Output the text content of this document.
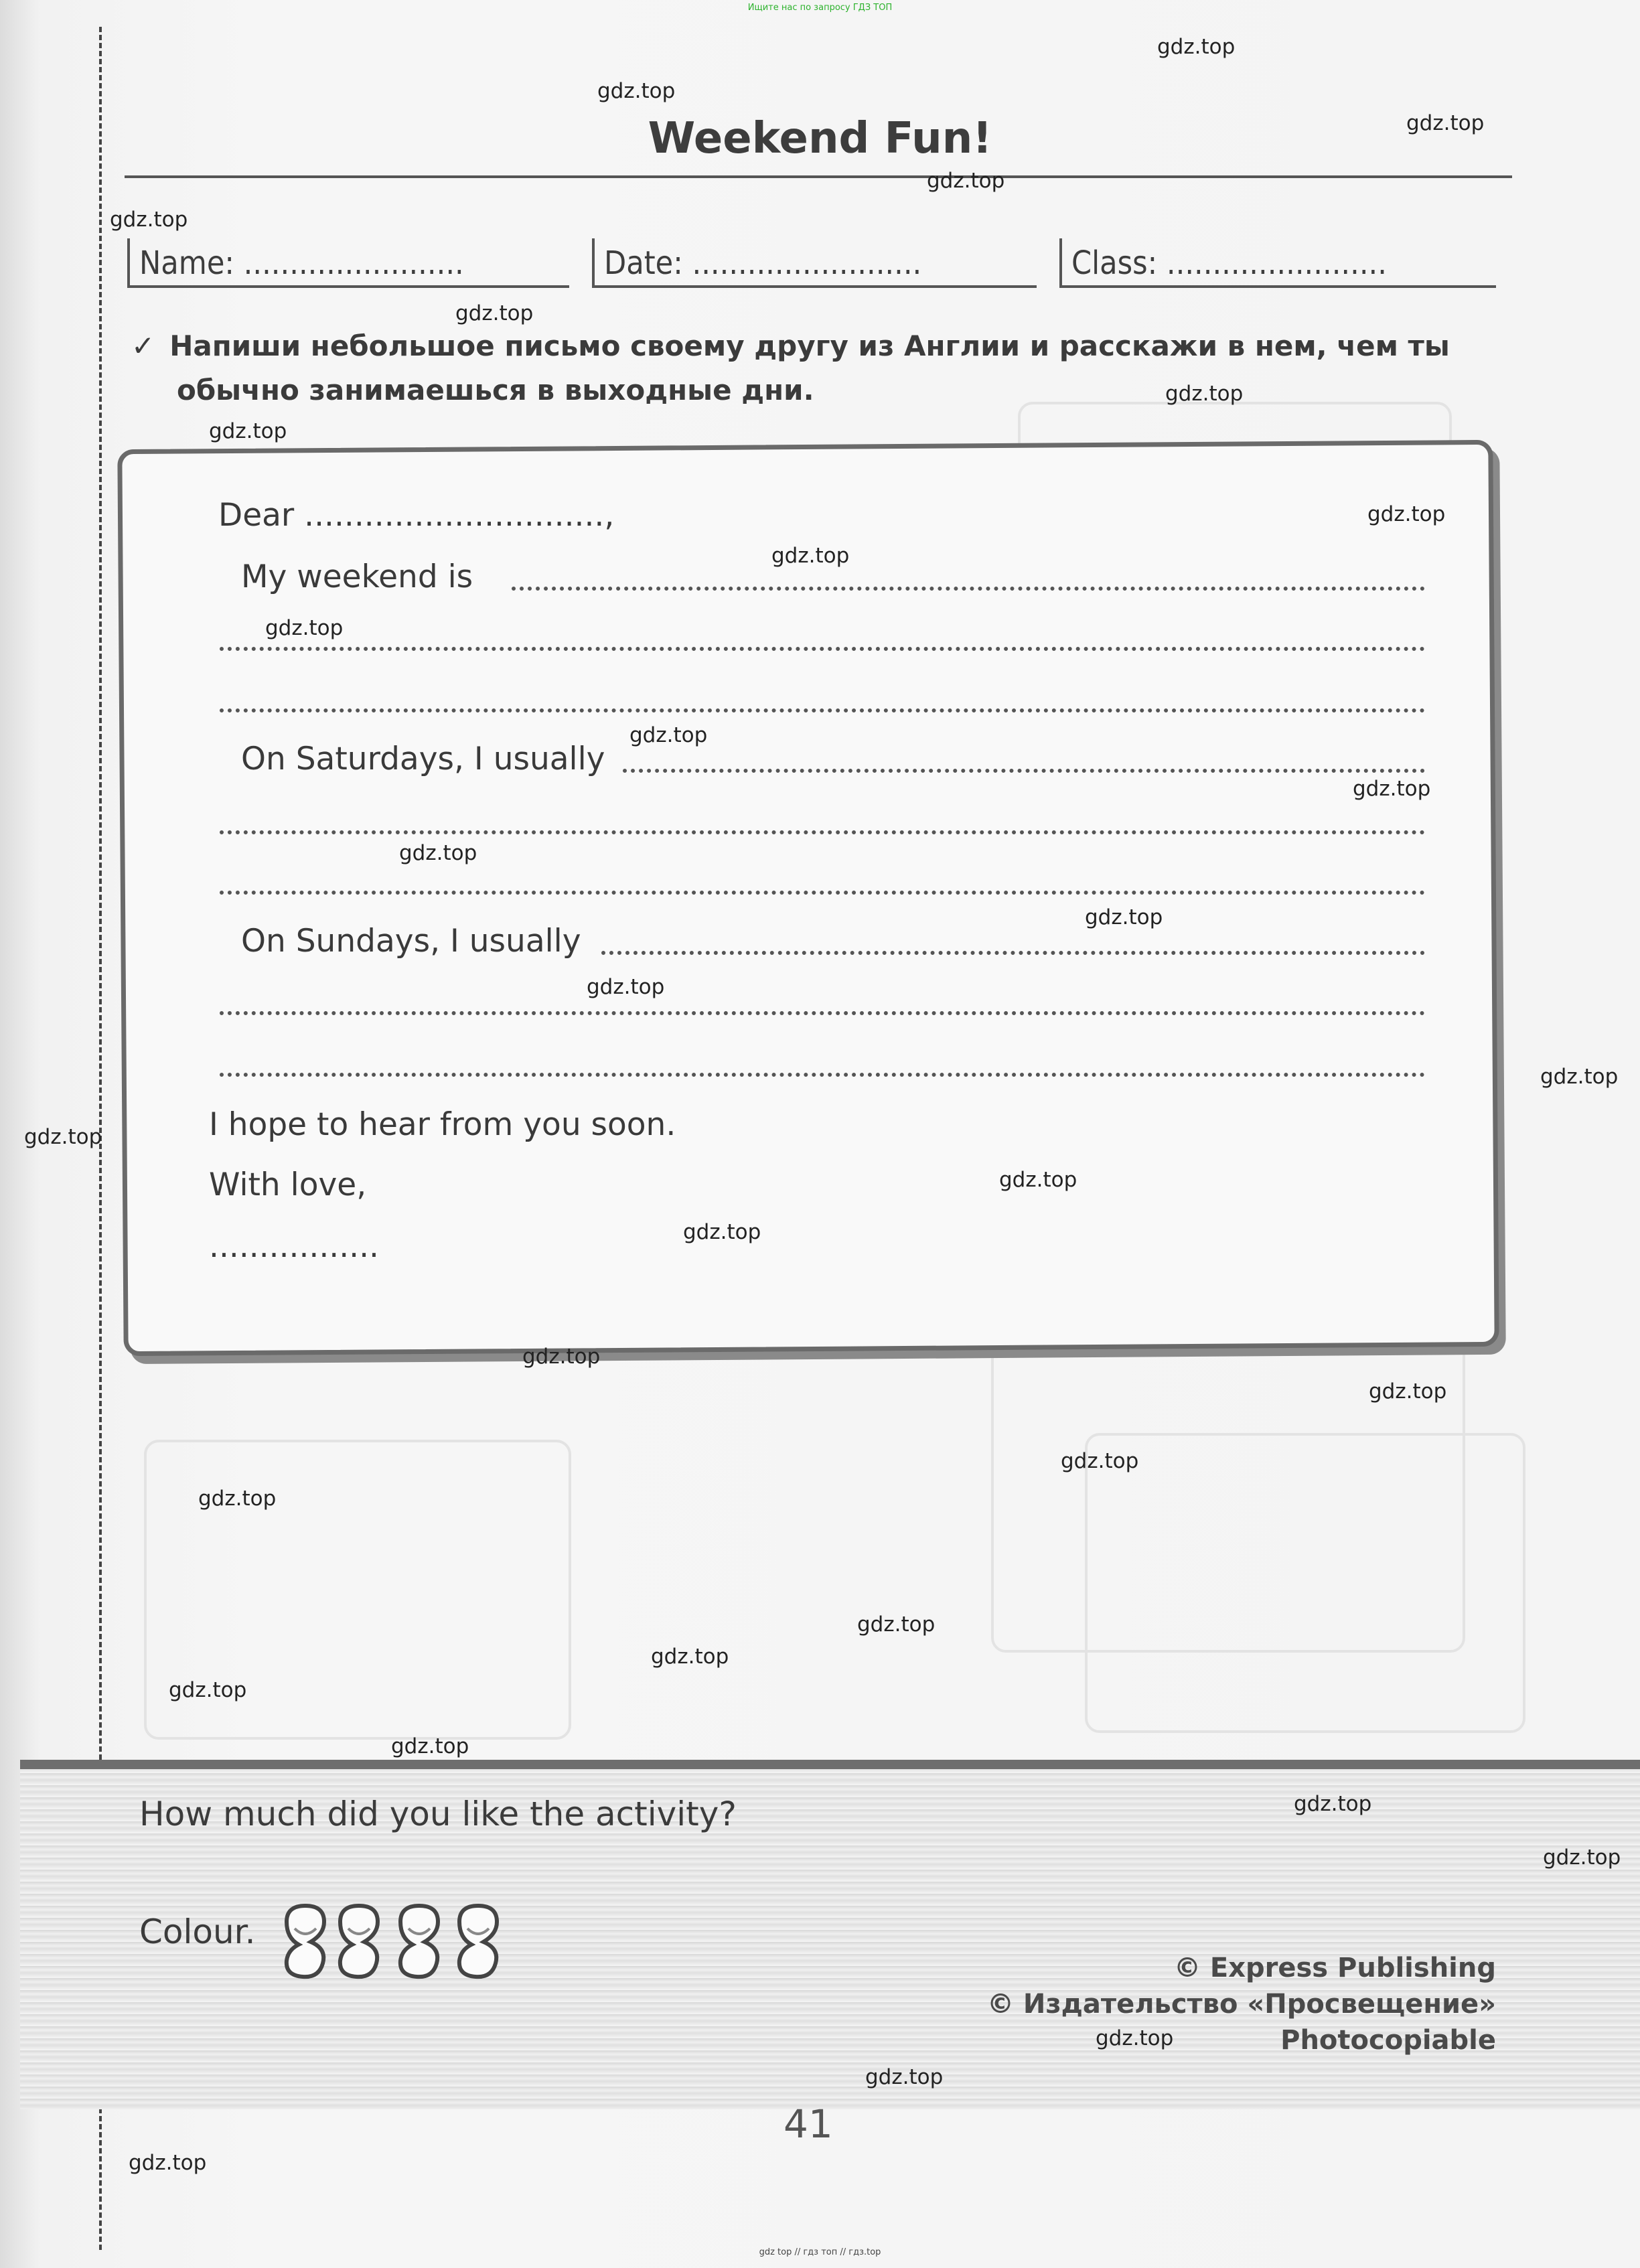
Ищите нас по запросу ГДЗ ТОП
Weekend Fun!
Name: ........................	Date: .........................	Class: ........................
✓ Напиши небольшое письмо своему другу из Англии и расскажи в нем, чем ты
обычно занимаешься в выходные дни.
Dear ..............................,
My weekend is
On Saturdays, I usually
On Sundays, I usually
I hope to hear from you soon.
With love,
.................
How much did you like the activity?
Colour.
© Express Publishing
© Издательство «Просвещение»
Photocopiable
41
gdz top // гдз топ // гдз.top
gdz.top
gdz.top
gdz.top
gdz.top
gdz.top
gdz.top
gdz.top
gdz.top
gdz.top
gdz.top
gdz.top
gdz.top
gdz.top
gdz.top
gdz.top
gdz.top
gdz.top
gdz.top
gdz.top
gdz.top
gdz.top
gdz.top
gdz.top
gdz.top
gdz.top
gdz.top
gdz.top
gdz.top
gdz.top
gdz.top
gdz.top
gdz.top
gdz.top
